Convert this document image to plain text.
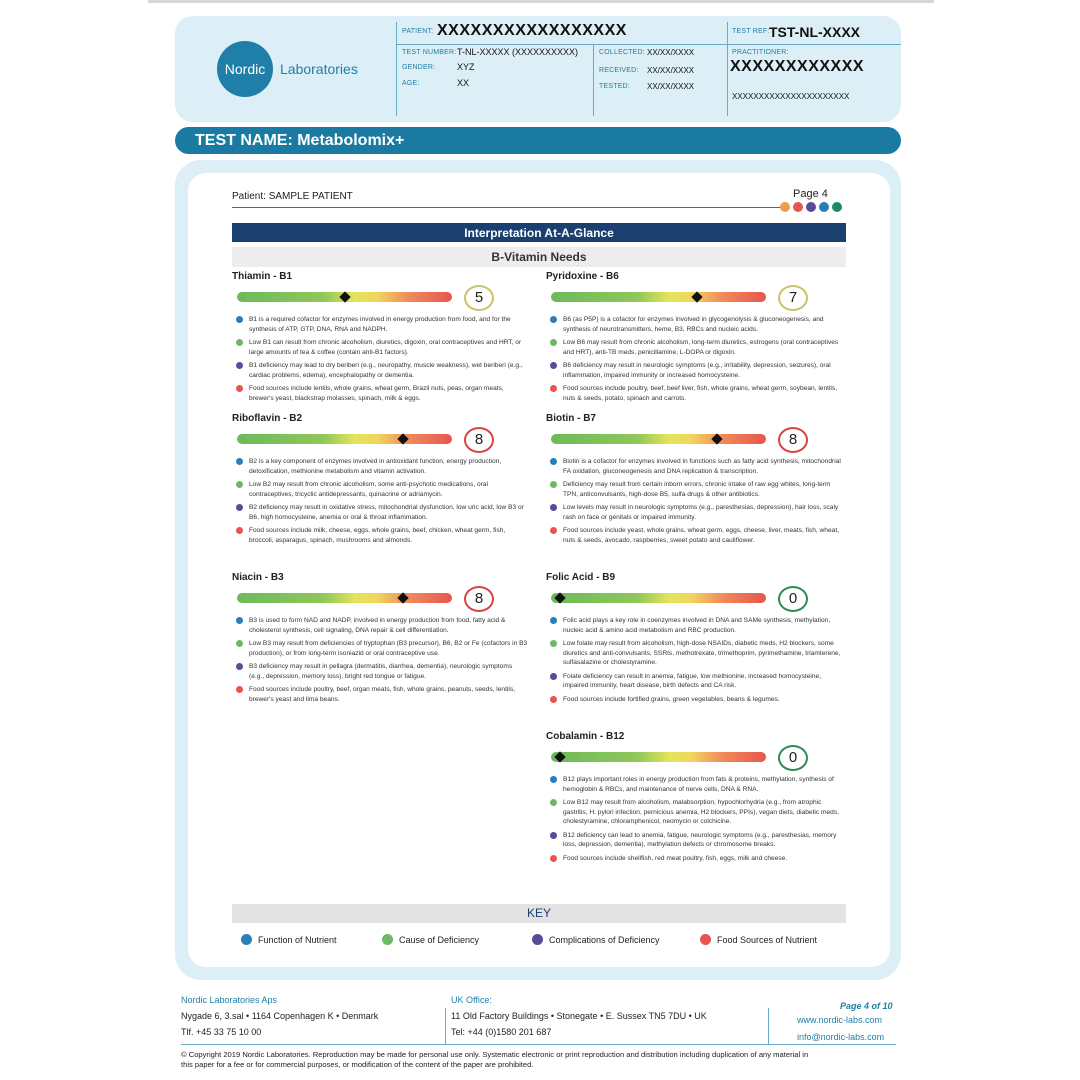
Nordic	Laboratories
PATIENT: XXXXXXXXXXXXXXXXX	TEST REF: TST-NL-XXXX
TEST NUMBER: T-NL-XXXXX (XXXXXXXXXX)
GENDER: XYZ
AGE:	XX
COLLECTED: XX/XX/XXXX
RECEIVED: XX/XX/XXXX
TESTED: XX/XX/XXXX
PRACTITIONER:
XXXXXXXXXXXX
XXXXXXXXXXXXXXXXXXXXXX
TEST NAME: Metabolomix+
Patient: SAMPLE PATIENT	Page 4
Interpretation At-A-Glance
B-Vitamin Needs
Thiamin - B1
5
B1 is a required cofactor for enzymes involved in energy production from food, and for the synthesis of ATP, GTP, DNA, RNA and NADPH.
Low B1 can result from chronic alcoholism, diuretics, digoxin, oral contraceptives and HRT, or large amounts of tea & coffee (contain anti-B1 factors).
B1 deficiency may lead to dry beriberi (e.g., neuropathy, muscle weakness), wet beriberi (e.g., cardiac problems, edema), encephalopathy or dementia.
Food sources include lentils, whole grains, wheat germ, Brazil nuts, peas, organ meats, brewer's yeast, blackstrap molasses, spinach, milk & eggs.
Pyridoxine - B6
7
B6 (as P5P) is a cofactor for enzymes involved in glycogenolysis & gluconeogenesis, and synthesis of neurotransmitters, heme, B3, RBCs and nucleic acids.
Low B6 may result from chronic alcoholism, long-term diuretics, estrogens (oral contraceptives and HRT), anti-TB meds, penicillamine, L-DOPA or digoxin.
B6 deficiency may result in neurologic symptoms (e.g., irritability, depression, seizures), oral inflammation, impaired immunity or increased homocysteine.
Food sources include poultry, beef, beef liver, fish, whole grains, wheat germ, soybean, lentils, nuts & seeds, potato, spinach and carrots.
Riboflavin - B2
8
B2 is a key component of enzymes involved in antioxidant function, energy production, detoxification, methionine metabolism and vitamin activation.
Low B2 may result from chronic alcoholism, some anti-psychotic medications, oral contraceptives, tricyclic antidepressants, quinacrine or adriamycin.
B2 deficiency may result in oxidative stress, mitochondrial dysfunction, low uric acid, low B3 or B6, high homocysteine, anemia or oral & throat inflammation.
Food sources include milk, cheese, eggs, whole grains, beef, chicken, wheat germ, fish, broccoli, asparagus, spinach, mushrooms and almonds.
Biotin - B7
8
Biotin is a cofactor for enzymes involved in functions such as fatty acid synthesis, mitochondrial FA oxidation, gluconeogenesis and DNA replication & transcription.
Deficiency may result from certain inborn errors, chronic intake of raw egg whites, long-term TPN, anticonvulsants, high-dose B5, sulfa drugs & other antibiotics.
Low levels may result in neurologic symptoms (e.g., paresthesias, depression), hair loss, scaly rash on face or genitals or impaired immunity.
Food sources include yeast, whole grains, wheat germ, eggs, cheese, liver, meats, fish, wheat, nuts & seeds, avocado, raspberries, sweet potato and cauliflower.
Niacin - B3
8
B3 is used to form NAD and NADP, involved in energy production from food, fatty acid & cholesterol synthesis, cell signaling, DNA repair & cell differentiation.
Low B3 may result from deficiencies of tryptophan (B3 precursor), B6, B2 or Fe (cofactors in B3 production), or from long-term isoniazid or oral contraceptive use.
B3 deficiency may result in pellagra (dermatitis, diarrhea, dementia), neurologic symptoms (e.g., depression, memory loss), bright red tongue or fatigue.
Food sources include poultry, beef, organ meats, fish, whole grains, peanuts, seeds, lentils, brewer's yeast and lima beans.
Folic Acid - B9
0
Folic acid plays a key role in coenzymes involved in DNA and SAMe synthesis, methylation, nucleic acid & amino acid metabolism and RBC production.
Low folate may result from alcoholism, high-dose NSAIDs, diabetic meds, H2 blockers, some diuretics and anti-convulsants, SSRIs, methotrexate, trimethoprim, pyrimethamine, triamterene, sulfasalazine or cholestyramine.
Folate deficiency can result in anemia, fatigue, low methionine, increased homocysteine, impaired immunity, heart disease, birth defects and CA risk.
Food sources include fortified grains, green vegetables, beans & legumes.
Cobalamin - B12
0
B12 plays important roles in energy production from fats & proteins, methylation, synthesis of hemoglobin & RBCs, and maintenance of nerve cells, DNA & RNA.
Low B12 may result from alcoholism, malabsorption, hypochlorhydria (e.g., from atrophic gastritis, H. pylori infection, pernicious anemia, H2 blockers, PPIs), vegan diets, diabetic meds, cholestyramine, chloramphenicol, neomycin or colchicine.
B12 deficiency can lead to anemia, fatigue, neurologic symptoms (e.g., paresthesias, memory loss, depression, dementia), methylation defects or chromosome breaks.
Food sources include shellfish, red meat poultry, fish, eggs, milk and cheese.
KEY
Function of Nutrient	Cause of Deficiency	Complications of Deficiency	Food Sources of Nutrient
Nordic Laboratories Aps
Nygade 6, 3.sal • 1164 Copenhagen K • Denmark
Tlf. +45 33 75 10 00
UK Office:
11 Old Factory Buildings • Stonegate • E. Sussex TN5 7DU • UK
Tel: +44 (0)1580 201 687
Page 4 of 10
www.nordic-labs.com
info@nordic-labs.com
© Copyright 2019 Nordic Laboratories. Reproduction may be made for personal use only. Systematic electronic or print reproduction and distribution including duplication of any material in this paper for a fee or for commercial purposes, or modification of the content of the paper are prohibited.
